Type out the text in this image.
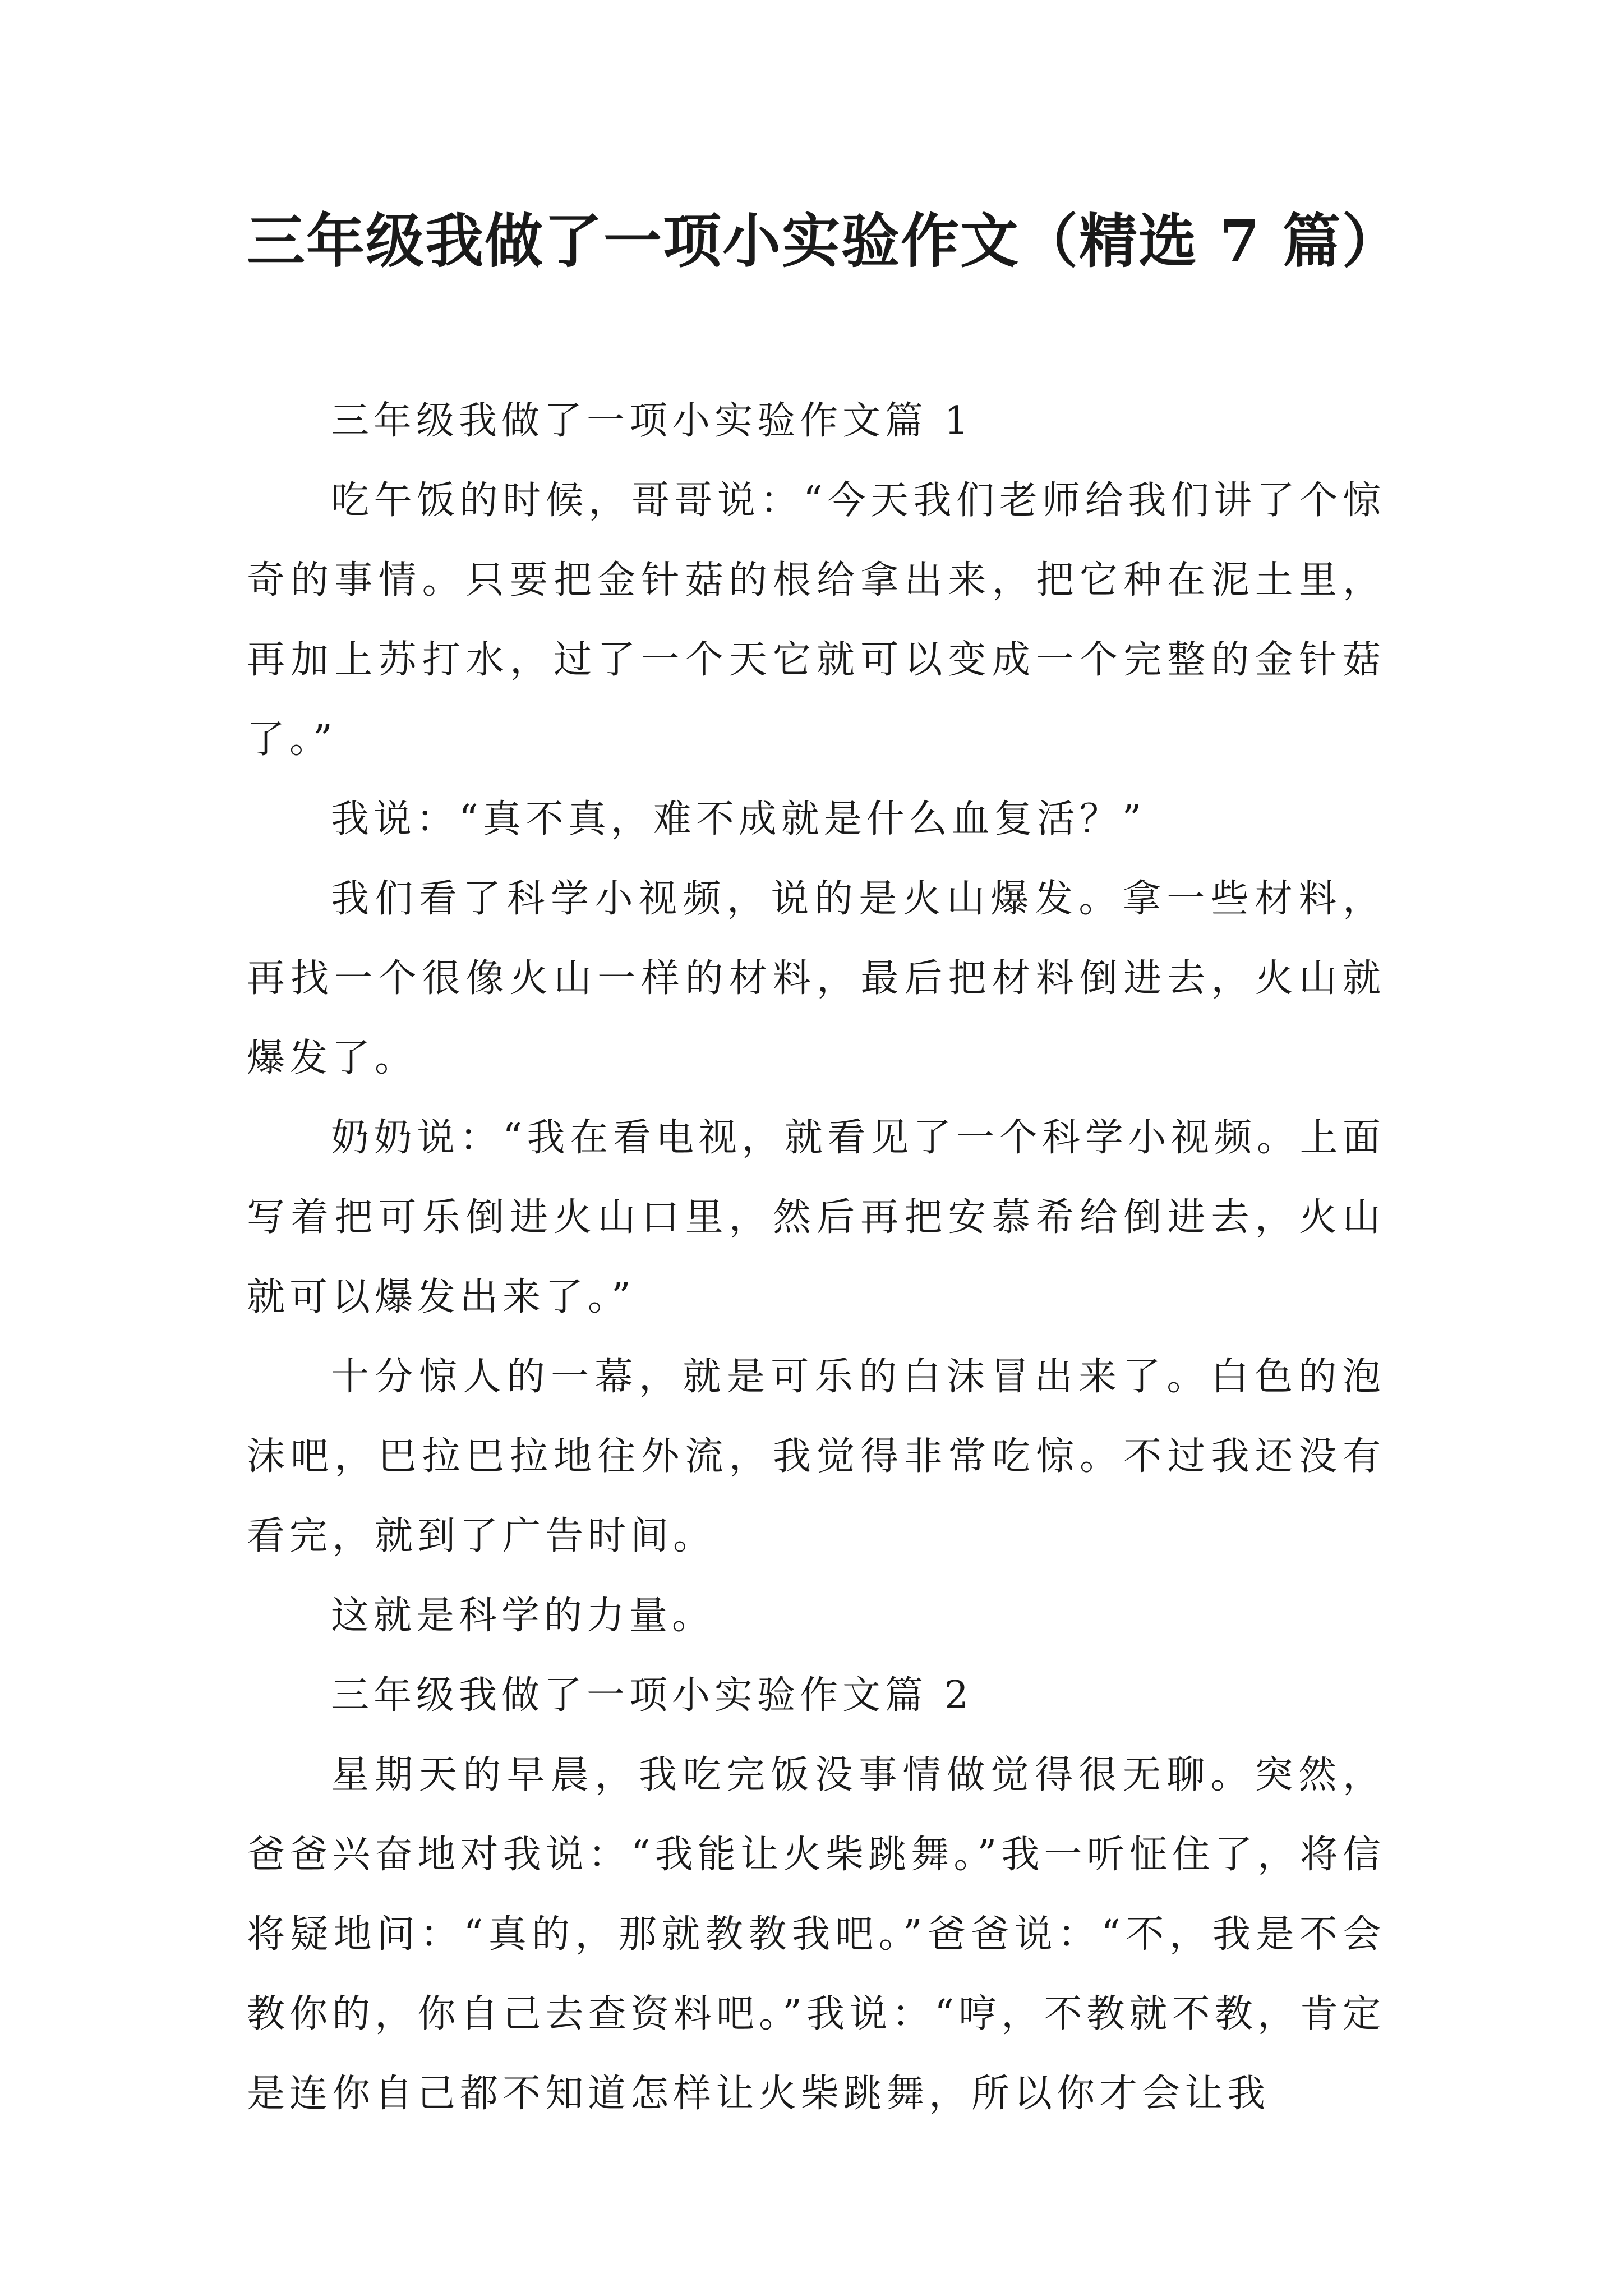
三年级我做了一项小实验作文（精选 7 篇）

三年级我做了一项小实验作文篇 1

吃午饭的时候，哥哥说：“今天我们老师给我们讲了个惊奇的事情。只要把金针菇的根给拿出来，把它种在泥土里，再加上苏打水，过了一个天它就可以变成一个完整的金针菇了。”

我说：“真不真，难不成就是什么血复活？”

我们看了科学小视频，说的是火山爆发。拿一些材料，再找一个很像火山一样的材料，最后把材料倒进去，火山就爆发了。

奶奶说：“我在看电视，就看见了一个科学小视频。上面写着把可乐倒进火山口里，然后再把安慕希给倒进去，火山就可以爆发出来了。”

十分惊人的一幕，就是可乐的白沫冒出来了。白色的泡沫吧，巴拉巴拉地往外流，我觉得非常吃惊。不过我还没有看完，就到了广告时间。

这就是科学的力量。

三年级我做了一项小实验作文篇 2

星期天的早晨，我吃完饭没事情做觉得很无聊。突然，爸爸兴奋地对我说：“我能让火柴跳舞。”我一听怔住了，将信将疑地问：“真的，那就教教我吧。”爸爸说：“不，我是不会教你的，你自己去查资料吧。”我说：“哼，不教就不教，肯定是连你自己都不知道怎样让火柴跳舞，所以你才会让我
